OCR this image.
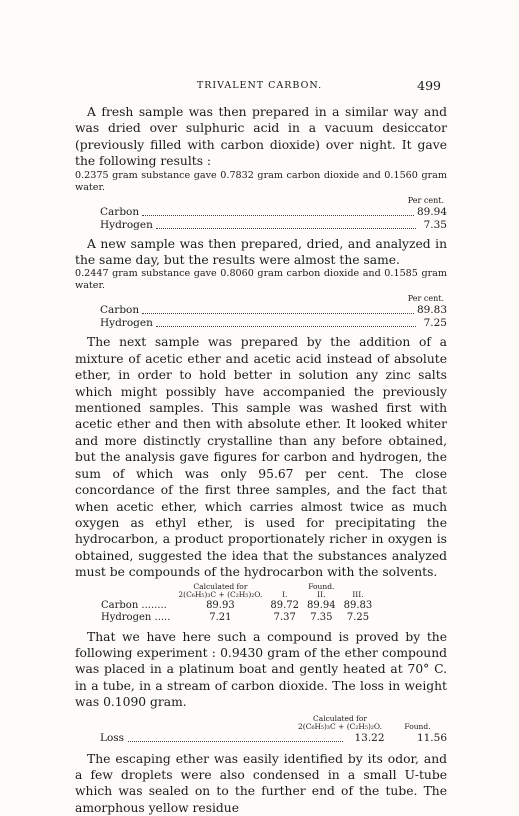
TRIVALENT CARBON.	499

A fresh sample was then prepared in a similar way and was dried over sulphuric acid in a vacuum desiccator (previously filled with carbon dioxide) over night. It gave the following results :

0.2375 gram substance gave 0.7832 gram carbon dioxide and 0.1560 gram water.

Per cent.
Carbon	89.94
Hydrogen	7.35

A new sample was then prepared, dried, and analyzed in the same day, but the results were almost the same.

0.2447 gram substance gave 0.8060 gram carbon dioxide and 0.1585 gram water.

Per cent.
Carbon	89.83
Hydrogen	7.25

The next sample was prepared by the addition of a mixture of acetic ether and acetic acid instead of absolute ether, in order to hold better in solution any zinc salts which might possibly have accompanied the previously mentioned samples. This sample was washed first with acetic ether and then with absolute ether. It looked whiter and more distinctly crystalline than any before obtained, but the analysis gave figures for carbon and hydrogen, the sum of which was only 95.67 per cent. The close concordance of the first three samples, and the fact that when acetic ether, which carries almost twice as much oxygen as ethyl ether, is used for precipitating the hydrocarbon, a product proportionately richer in oxygen is obtained, suggested the idea that the substances analyzed must be compounds of the hydrocarbon with the solvents.

	Calculated for		Found.	
	2(C₆H₅)₃C + (C₂H₅)₂O.	I.	II.	III.
Carbon ........	89.93	89.72	89.94	89.83
Hydrogen .....	7.21	7.37	7.35	7.25

That we have here such a compound is proved by the following experiment : 0.9430 gram of the ether compound was placed in a platinum boat and gently heated at 70° C. in a tube, in a stream of carbon dioxide. The loss in weight was 0.1090 gram.

Calculated for
2(C₆H₅)₃C + (C₂H₅)₂O.	Found.
Loss	13.22	11.56

The escaping ether was easily identified by its odor, and a few droplets were also condensed in a small U-tube which was sealed on to the further end of the tube. The amorphous yellow residue
